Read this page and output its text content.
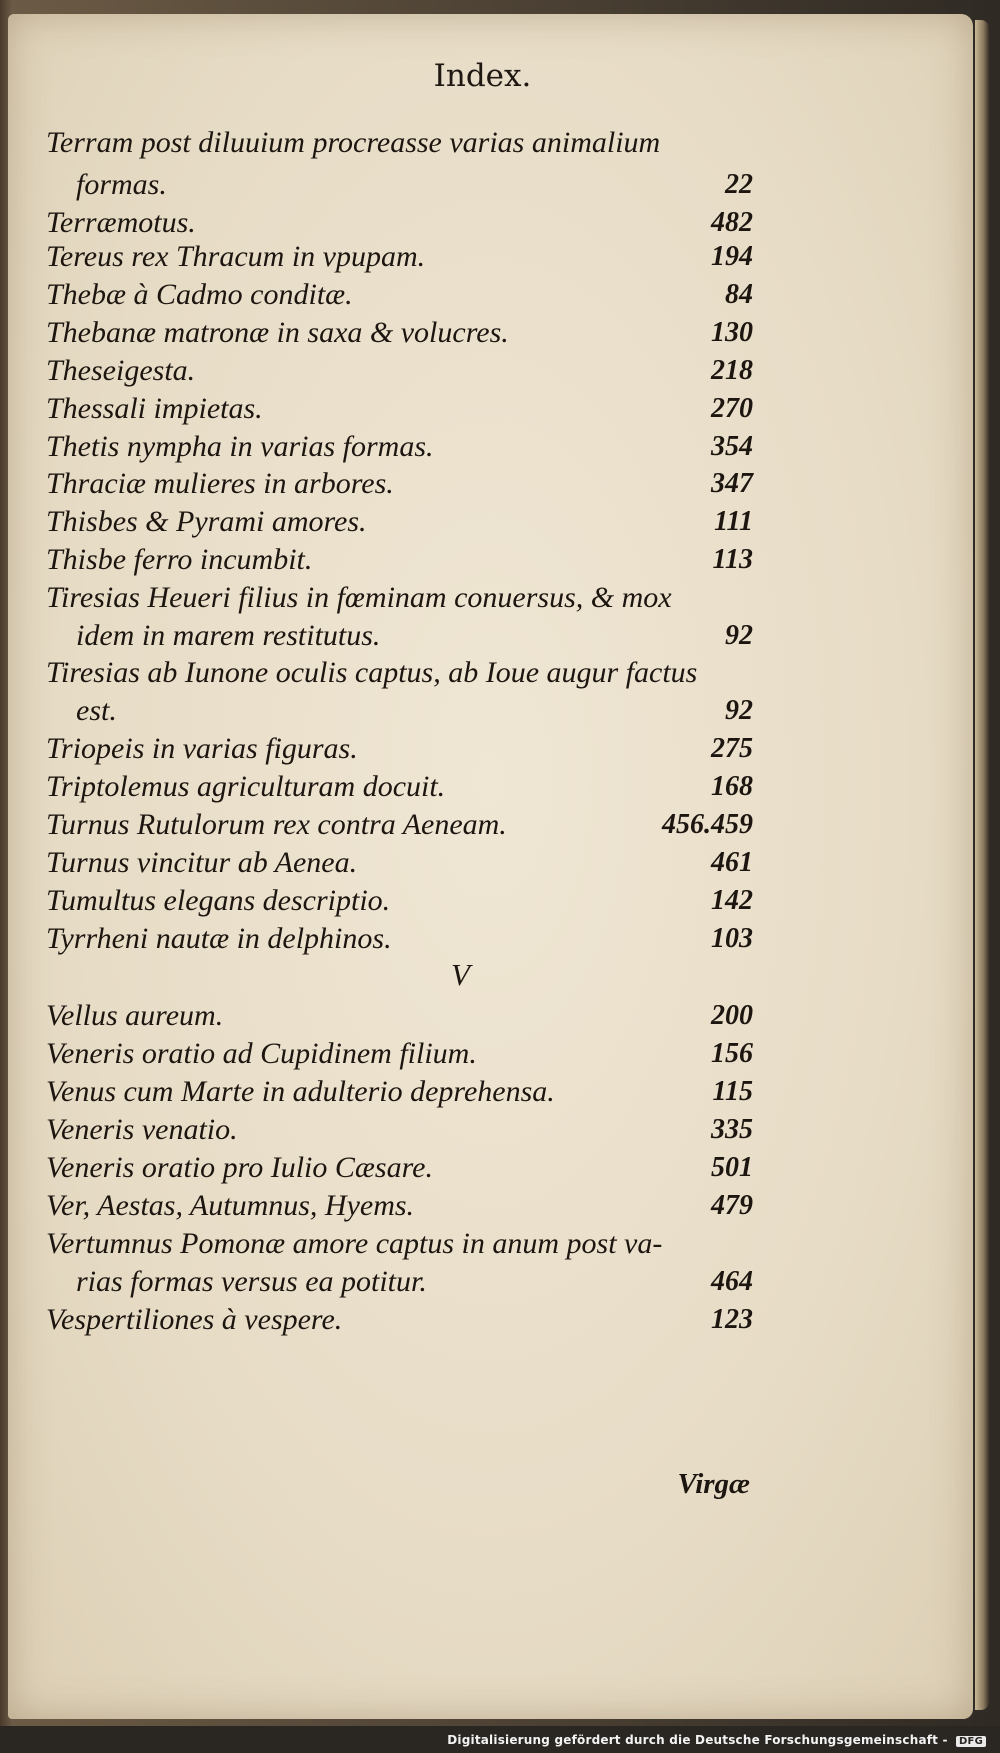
Index.
Terram post diluuium procreasse varias animalium
formas.	22
Terræmotus.	482
Tereus rex Thracum in vpupam.	194
Thebæ à Cadmo conditæ.	84
Thebanæ matronæ in saxa & volucres.	130
Theseigesta.	218
Thessali impietas.	270
Thetis nympha in varias formas.	354
Thraciæ mulieres in arbores.	347
Thisbes & Pyrami amores.	111
Thisbe ferro incumbit.	113
Tiresias Heueri filius in fœminam conuersus, & mox
idem in marem restitutus.	92
Tiresias ab Iunone oculis captus, ab Ioue augur factus
est.	92
Triopeis in varias figuras.	275
Triptolemus agriculturam docuit.	168
Turnus Rutulorum rex contra Aeneam.	456.459
Turnus vincitur ab Aenea.	461
Tumultus elegans descriptio.	142
Tyrrheni nautæ in delphinos.	103
V
Vellus aureum.	200
Veneris oratio ad Cupidinem filium.	156
Venus cum Marte in adulterio deprehensa.	115
Veneris venatio.	335
Veneris oratio pro Iulio Cæsare.	501
Ver, Aestas, Autumnus, Hyems.	479
Vertumnus Pomonæ amore captus in anum post va-
rias formas versus ea potitur.	464
Vespertiliones à vespere.	123
Virgæ
Digitalisierung gefördert durch die Deutsche Forschungsgemeinschaft - DFG
